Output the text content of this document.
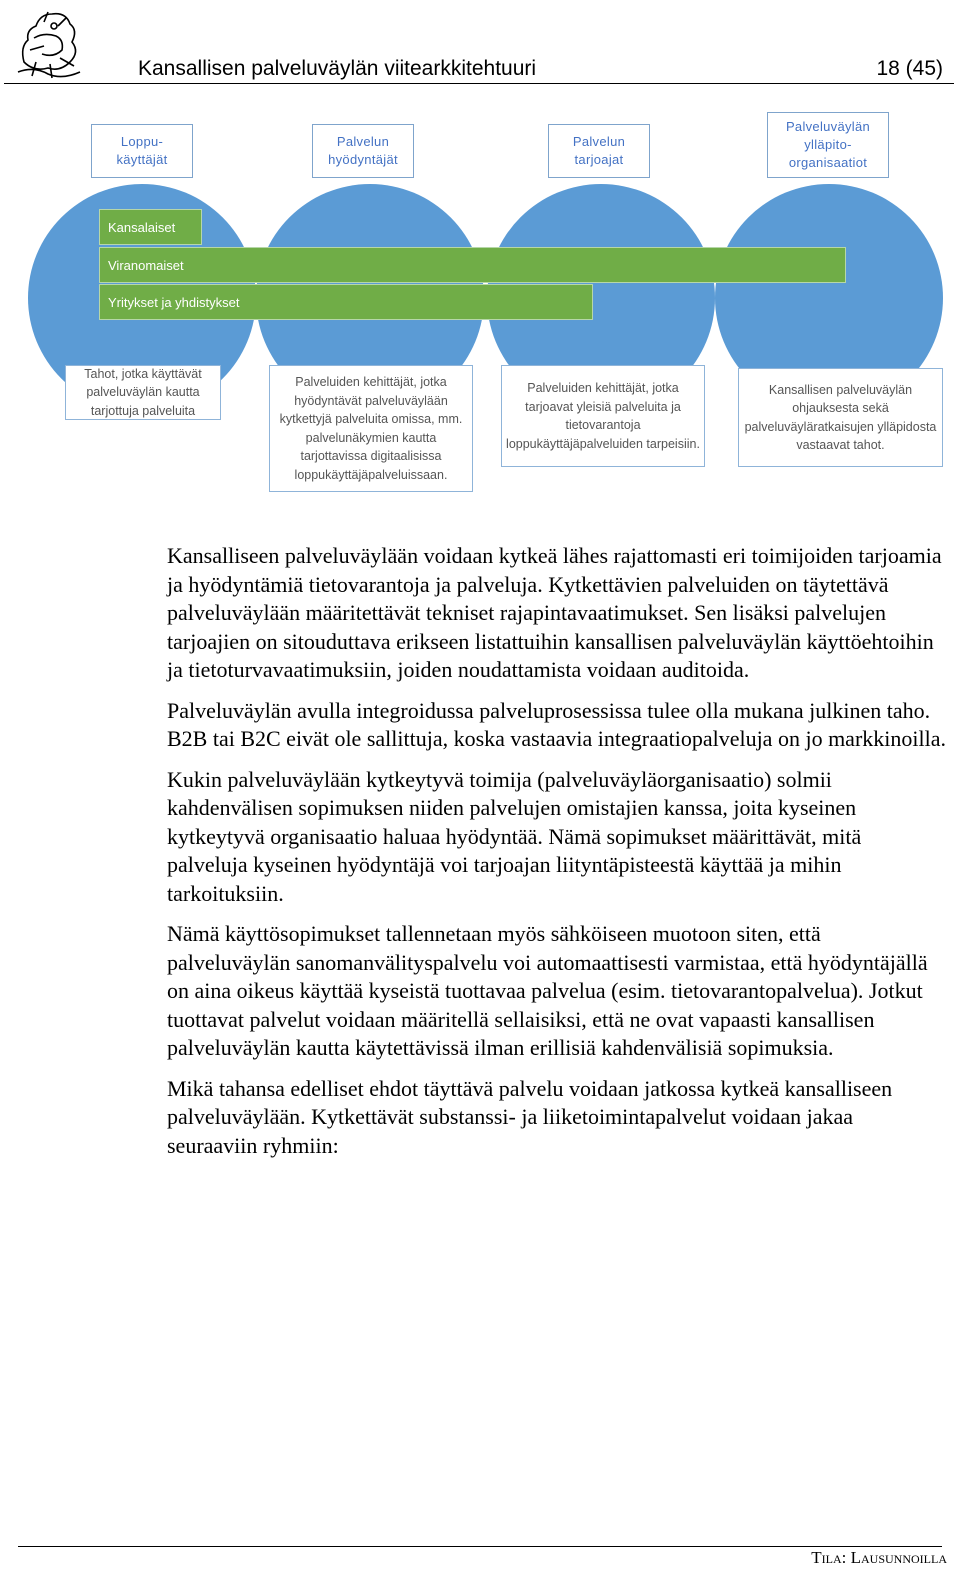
Kansallisen palveluväylän viitearkkitehtuuri	18 (45)
Loppu-
käyttäjät
Palvelun
hyödyntäjät
Palvelun
tarjoajat
Palveluväylän
ylläpito-
organisaatiot
Kansalaiset
Viranomaiset
Yritykset ja yhdistykset
Tahot, jotka käyttävät palveluväylän kautta tarjottuja palveluita
Palveluiden kehittäjät, jotka hyödyntävät palveluväylään kytkettyjä palveluita omissa, mm. palvelunäkymien kautta tarjottavissa digitaalisissa loppukäyttäjäpalveluissaan.
Palveluiden kehittäjät, jotka tarjoavat yleisiä palveluita ja tietovarantoja loppukäyttäjäpalveluiden tarpeisiin.
Kansallisen palveluväylän ohjauksesta sekä palveluväyläratkaisujen ylläpidosta vastaavat tahot.

Kansalliseen palveluväylään voidaan kytkeä lähes rajattomasti eri toimijoiden tarjoamia ja hyödyntämiä tietovarantoja ja palveluja. Kytkettävien palveluiden on täytettävä palveluväylään määritettävät tekniset rajapintavaatimukset. Sen lisäksi palvelujen tarjoajien on sitouduttava erikseen listattuihin kansallisen palveluväylän käyttöehtoihin ja tietoturvavaatimuksiin, joiden noudattamista voidaan auditoida.

Palveluväylän avulla integroidussa palveluprosessissa tulee olla mukana julkinen taho. B2B tai B2C eivät ole sallittuja, koska vastaavia integraatiopalveluja on jo markkinoilla.

Kukin palveluväylään kytkeytyvä toimija (palveluväyläorganisaatio) solmii kahdenvälisen sopimuksen niiden palvelujen omistajien kanssa, joita kyseinen kytkeytyvä organisaatio haluaa hyödyntää. Nämä sopimukset määrittävät, mitä palveluja kyseinen hyödyntäjä voi tarjoajan liityntäpisteestä käyttää ja mihin tarkoituksiin.

Nämä käyttösopimukset tallennetaan myös sähköiseen muotoon siten, että palveluväylän sanomanvälityspalvelu voi automaattisesti varmistaa, että hyödyntäjällä on aina oikeus käyttää kyseistä tuottavaa palvelua (esim. tietovarantopalvelua). Jotkut tuottavat palvelut voidaan määritellä sellaisiksi, että ne ovat vapaasti kansallisen palveluväylän kautta käytettävissä ilman erillisiä kahdenvälisiä sopimuksia.

Mikä tahansa edelliset ehdot täyttävä palvelu voidaan jatkossa kytkeä kansalliseen palveluväylään. Kytkettävät substanssi- ja liiketoimintapalvelut voidaan jakaa seuraaviin ryhmiin:

Tila: Lausunnoilla
